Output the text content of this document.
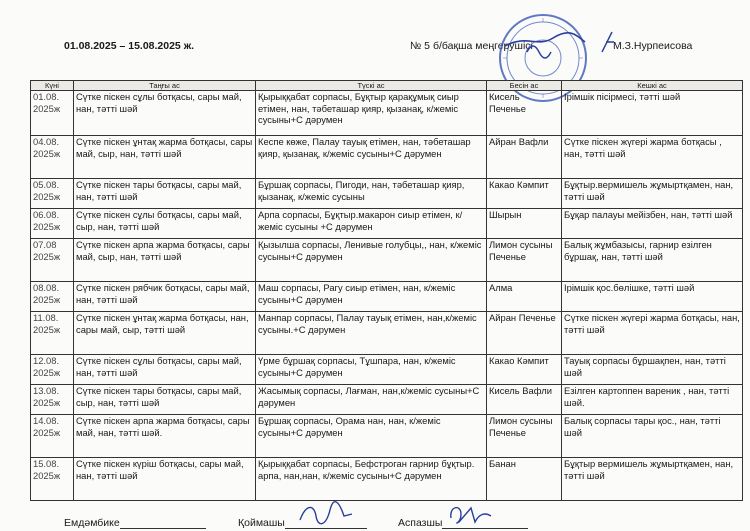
01.08.2025 – 15.08.2025 ж.	№ 5 б/бақша меңгерушісі	М.З.Нурпеисова
Күні	Таңғы ас	Түскі ас	Бесін ас	Кешкі ас
01.08. 2025ж	Сүтке піскен сұлы ботқасы, сары май, нан, тәтті шәй	Қырыққабат сорпасы, Бұқтыр қарақұмық сиыр етімен, нан, тәбеташар қияр, қызанақ, к/жеміс сусыны+С дәрумен	Кисель Печенье	Ірімшік пісірмесі, тәтті шәй
04.08. 2025ж	Сүтке піскен ұнтақ жарма ботқасы, сары май, сыр, нан, тәтті шәй	Кеспе көже, Палау тауық етімен, нан, тәбеташар қияр, қызанақ, к/жеміс сусыны+С дәрумен	Айран Вафли	Сүтке піскен жүгері жарма ботқасы , нан, тәтті шәй
05.08. 2025ж	Сүтке піскен тары ботқасы, сары май, нан, тәтті шәй	Бұршақ сорпасы, Пигоди, нан, тәбеташар қияр, қызанақ, к/жеміс сусыны	Какао Кәмпит	Бұқтыр.вермишель жұмыртқамен, нан, тәтті шәй
06.08. 2025ж	Сүтке піскен сұлы ботқасы, сары май, сыр, нан, тәтті шәй	Арпа сорпасы, Бұқтыр.макарон сиыр етімен, к/жеміс сусыны +С дәрумен	Шырын	Бұқар палауы мейізбен, нан, тәтті шәй
07.08 2025ж	Сүтке піскен арпа жарма ботқасы, сары май, сыр, нан, тәтті шәй	Қызылша сорпасы, Ленивые голубцы,, нан, к/жеміс сусыны+С дәрумен	Лимон сусыны Печенье	Балық жұмбазысы, гарнир езілген бұршақ, нан, тәтті шәй
08.08. 2025ж	Сүтке піскен рябчик ботқасы, сары май, нан, тәтті шәй	Маш сорпасы, Рагу сиыр етімен, нан, к/жеміс сусыны+С дәрумен	Алма	Ірімшік қос.бөлішке, тәтті шәй
11.08. 2025ж	Сүтке піскен ұнтақ жарма ботқасы, нан, сары май, сыр, тәтті шәй	Манпар сорпасы, Палау тауық етімен, нан,к/жеміс сусыны.+С дәрумен	Айран Печенье	Сүтке піскен жүгері жарма ботқасы, нан, тәтті шәй
12.08. 2025ж	Сүтке піскен сұлы ботқасы, сары май, нан, тәтті шәй	Үрме бұршақ сорпасы, Тұшпара, нан, к/жеміс сусыны+С дәрумен	Какао Кәмпит	Тауық сорпасы бұршақпен, нан, тәтті шәй
13.08. 2025ж	Сүтке піскен тары ботқасы, сары май, сыр, нан, тәтті шәй	Жасымық сорпасы, Лағман, нан,к/жеміс сусыны+С дәрумен	Кисель Вафли	Езілген картоппен вареник , нан, тәтті шәй.
14.08. 2025ж	Сүтке піскен арпа жарма ботқасы, сары май, нан, тәтті шәй.	Бұршақ сорпасы, Орама нан, нан, к/жеміс сусыны+С дәрумен	Лимон сусыны Печенье	Балық сорпасы тары қос., нан, тәтті шәй
15.08. 2025ж	Сүтке піскен күріш ботқасы, сары май, нан, тәтті шәй	Қырыққабат сорпасы, Бефстроган гарнир бұқтыр. арпа, нан,нан, к/жеміс сусыны+С дәрумен	Банан	Бұқтыр вермишель жұмыртқамен, нан, тәтті шәй
Емдәмбике	Қоймашы	Аспазшы
